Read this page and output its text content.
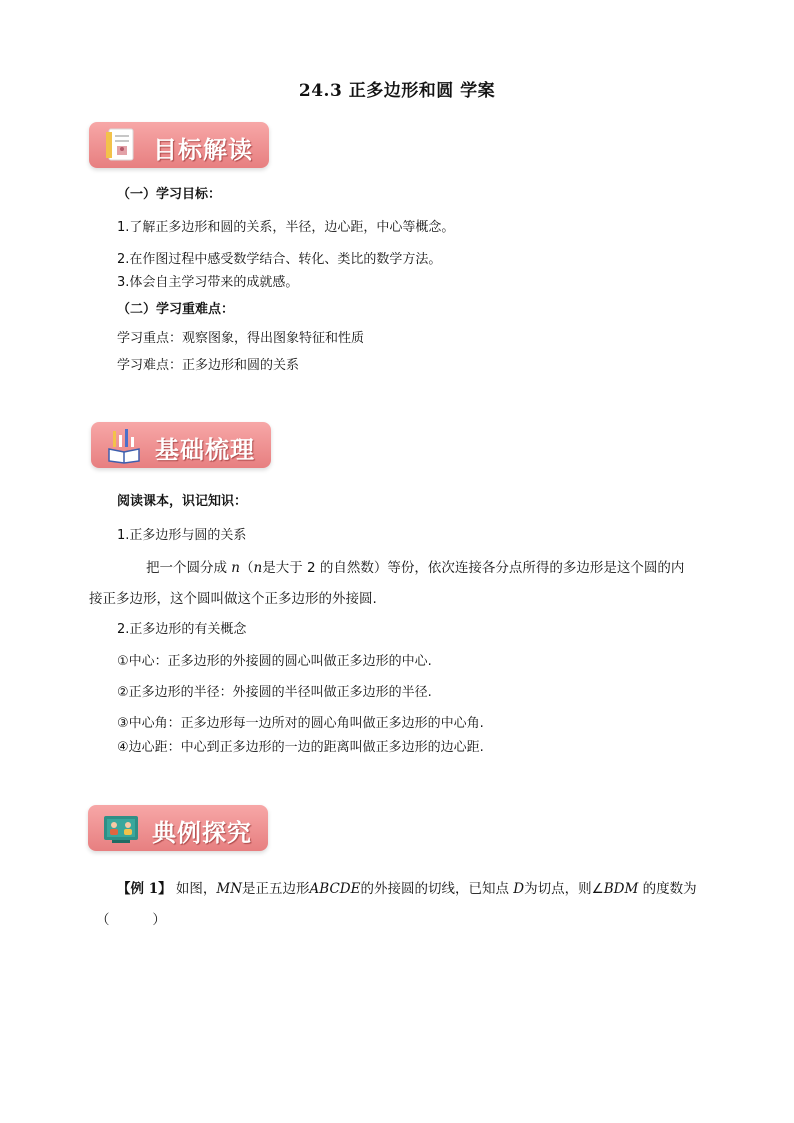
24.3 正多边形和圆 学案
目标解读
（一）学习目标：
1.了解正多边形和圆的关系，半径，边心距，中心等概念。
2.在作图过程中感受数学结合、转化、类比的数学方法。
3.体会自主学习带来的成就感。
（二）学习重难点：
学习重点：观察图象，得出图象特征和性质
学习难点：正多边形和圆的关系
基础梳理
阅读课本，识记知识：
1.正多边形与圆的关系
把一个圆分成 n（n是大于 2 的自然数）等份，依次连接各分点所得的多边形是这个圆的内
接正多边形，这个圆叫做这个正多边形的外接圆.
2.正多边形的有关概念
①中心：正多边形的外接圆的圆心叫做正多边形的中心.
②正多边形的半径：外接圆的半径叫做正多边形的半径.
③中心角：正多边形每一边所对的圆心角叫做正多边形的中心角.
④边心距：中心到正多边形的一边的距离叫做正多边形的边心距.
典例探究
【例 1】 如图，MN是正五边形ABCDE的外接圆的切线，已知点 D为切点，则∠BDM 的度数为
（          ）
